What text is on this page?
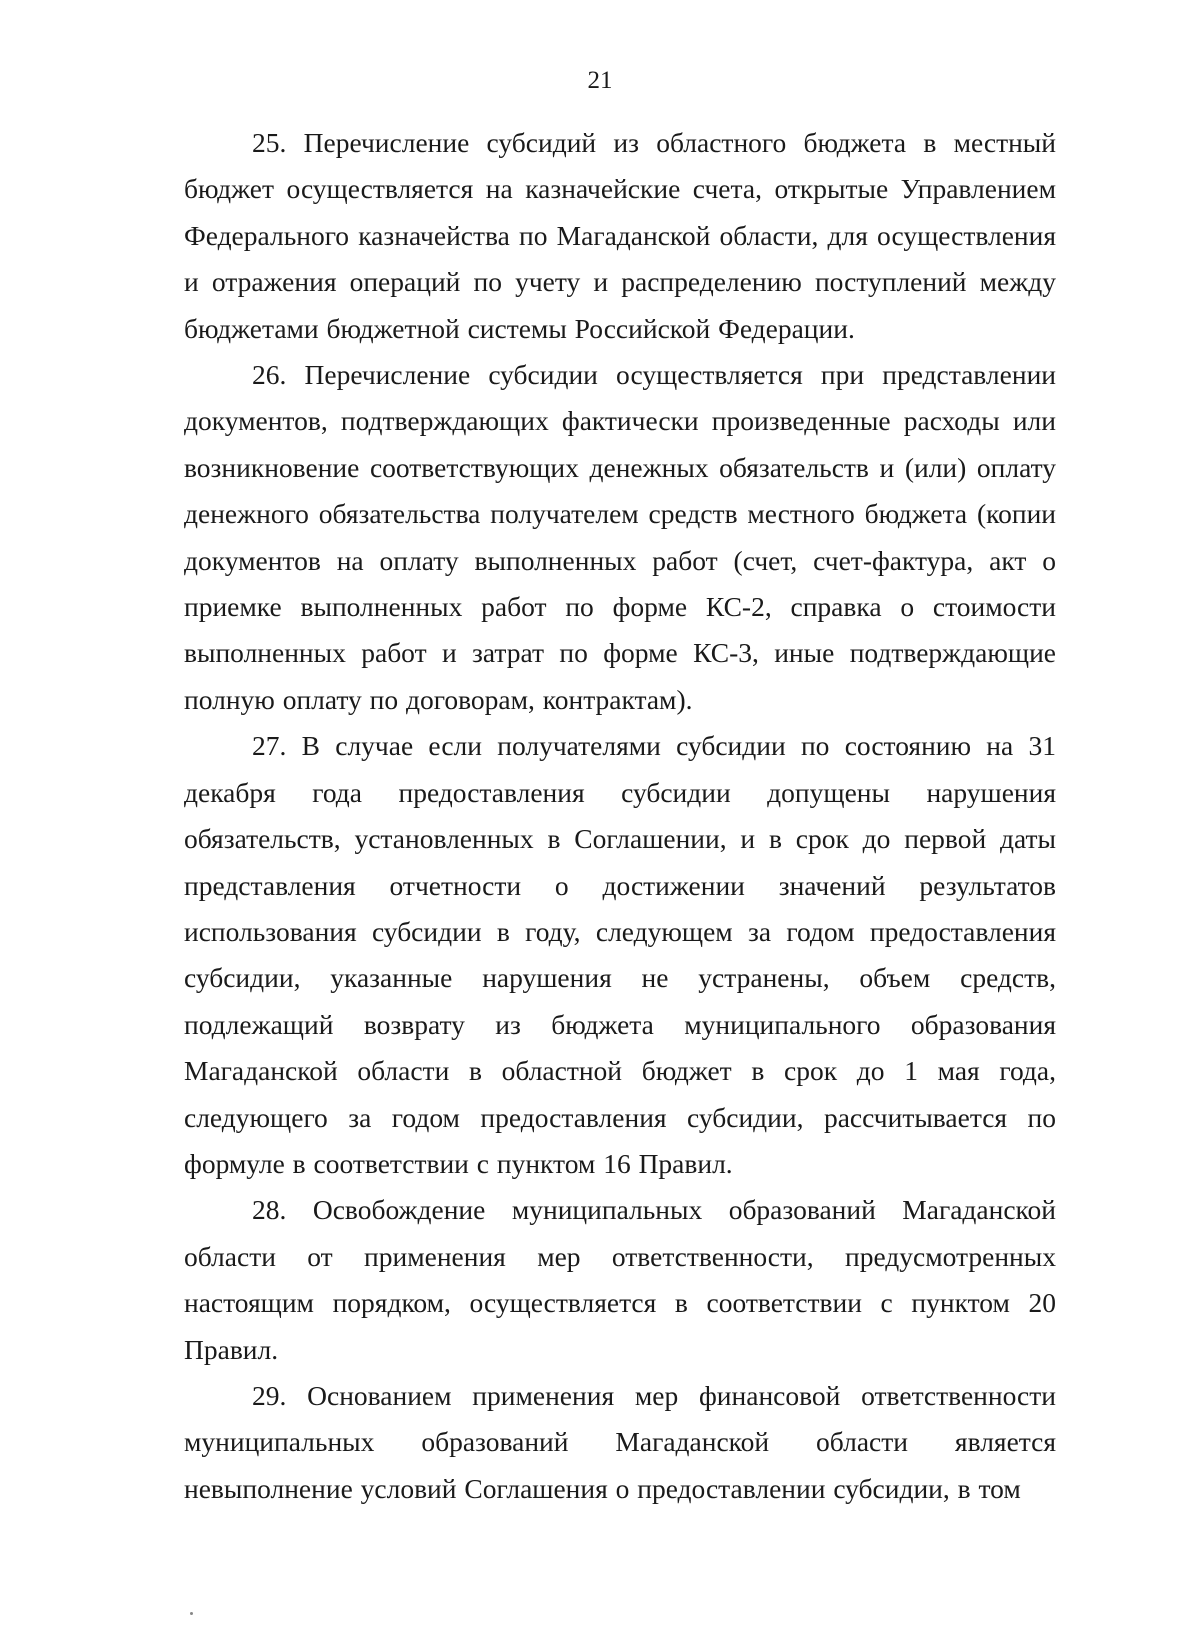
21

25. Перечисление субсидий из областного бюджета в местный бюджет осуществляется на казначейские счета, открытые Управлением Федерального казначейства по Магаданской области, для осуществления и отражения операций по учету и распределению поступлений между бюджетами бюджетной системы Российской Федерации.

26. Перечисление субсидии осуществляется при представлении документов, подтверждающих фактически произведенные расходы или возникновение соответствующих денежных обязательств и (или) оплату денежного обязательства получателем средств местного бюджета (копии документов на оплату выполненных работ (счет, счет-фактура, акт о приемке выполненных работ по форме КС-2, справка о стоимости выполненных работ и затрат по форме КС-3, иные подтверждающие полную оплату по договорам, контрактам).

27. В случае если получателями субсидии по состоянию на 31 декабря года предоставления субсидии допущены нарушения обязательств, установленных в Соглашении, и в срок до первой даты представления отчетности о достижении значений результатов использования субсидии в году, следующем за годом предоставления субсидии, указанные нарушения не устранены, объем средств, подлежащий возврату из бюджета муниципального образования Магаданской области в областной бюджет в срок до 1 мая года, следующего за годом предоставления субсидии, рассчитывается по формуле в соответствии с пунктом 16 Правил.

28. Освобождение муниципальных образований Магаданской области от применения мер ответственности, предусмотренных настоящим порядком, осуществляется в соответствии с пунктом 20 Правил.

29. Основанием применения мер финансовой ответственности муниципальных образований Магаданской области является невыполнение условий Соглашения о предоставлении субсидии, в том
